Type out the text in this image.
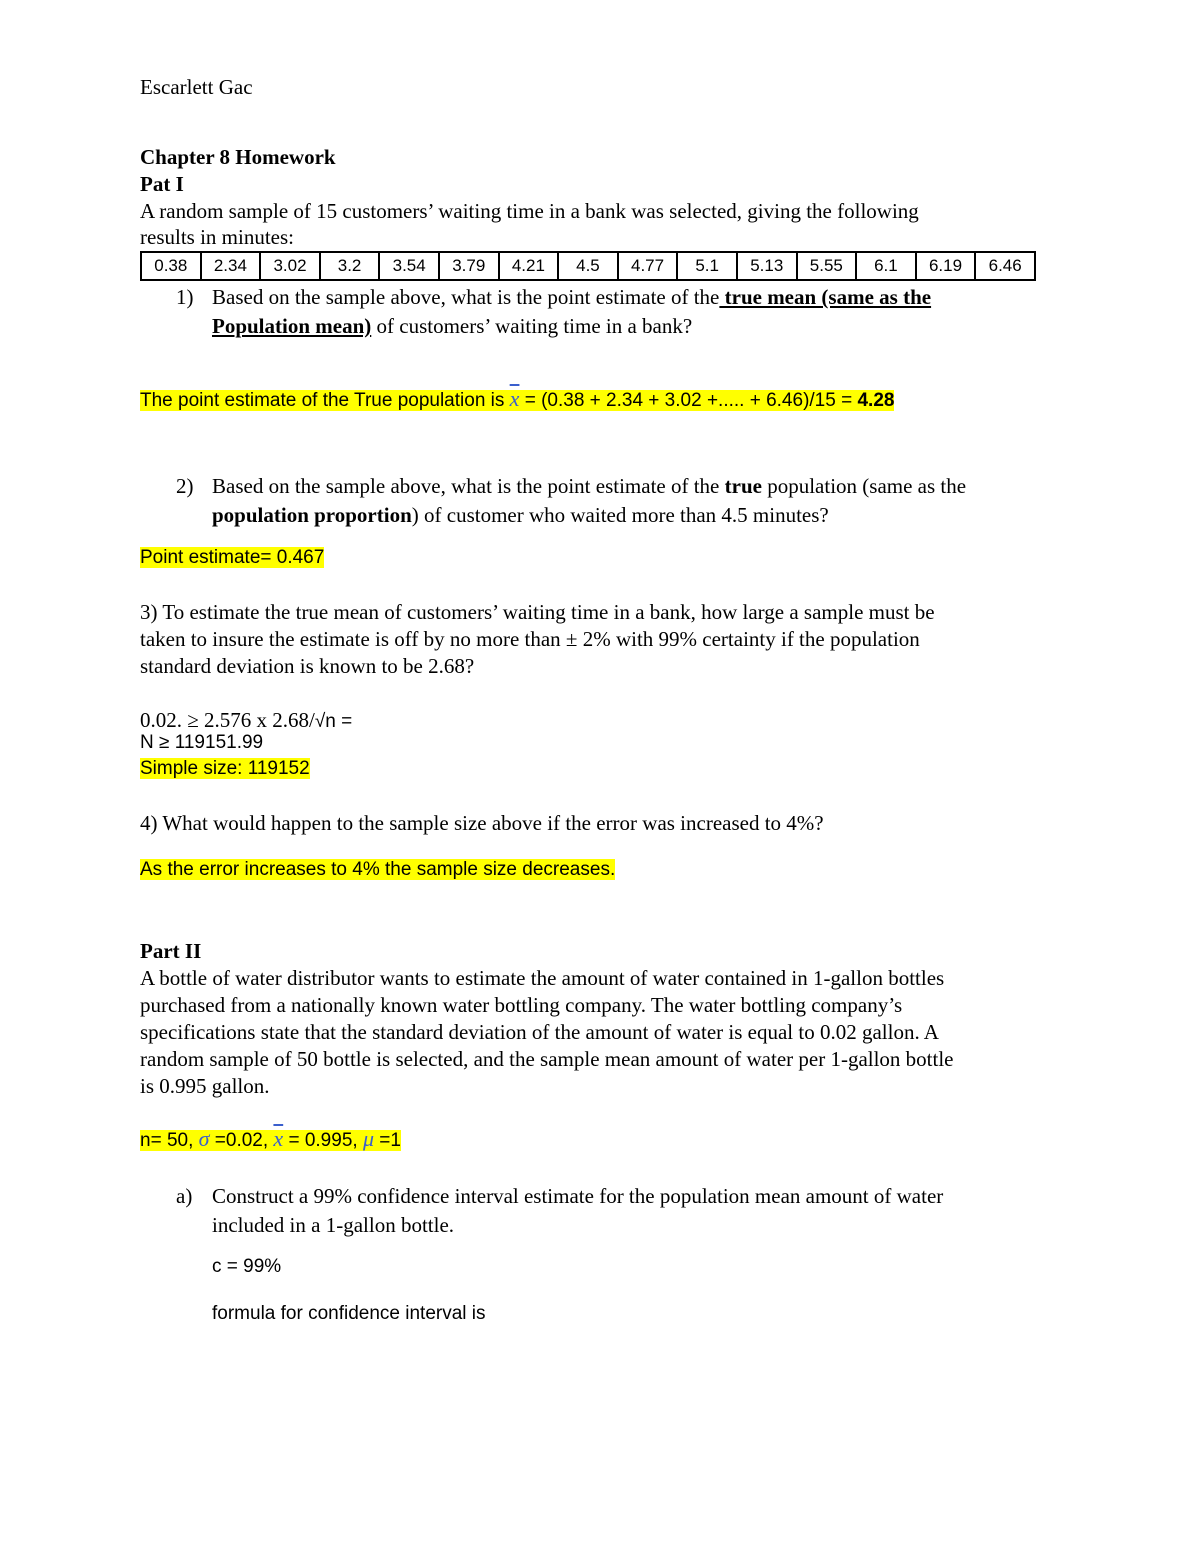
Escarlett Gac
Chapter 8 Homework
Pat I
A random sample of 15 customers’ waiting time in a bank was selected, giving the following
results in minutes:
0.38	2.34	3.02	3.2	3.54	3.79	4.21	4.5	4.77	5.1	5.13	5.55	6.1	6.19	6.46
1) Based on the sample above, what is the point estimate of the true mean (same as the
Population mean) of customers’ waiting time in a bank?
The point estimate of the True population is $\overline{x} = (0.38 + 2.34 + 3.02$ +..... + 6.46)/15 = 4.28
2) Based on the sample above, what is the point estimate of the true population (same as the
population proportion) of customer who waited more than 4.5 minutes?
Point estimate= 0.467
3) To estimate the true mean of customers’ waiting time in a bank, how large a sample must be
taken to insure the estimate is off by no more than ± 2% with 99% certainty if the population
standard deviation is known to be 2.68?
0.02. ≥ 2.576 x 2.68/√n =
N ≥ 119151.99
Simple size: 119152
4) What would happen to the sample size above if the error was increased to 4%?
As the error increases to 4% the sample size decreases.
Part II
A bottle of water distributor wants to estimate the amount of water contained in 1-gallon bottles
purchased from a nationally known water bottling company. The water bottling company’s
specifications state that the standard deviation of the amount of water is equal to 0.02 gallon. A
random sample of 50 bottle is selected, and the sample mean amount of water per 1-gallon bottle
is 0.995 gallon.
n= 50, σ =0.02, $\overline{x} = 0.995$, μ =1
a) Construct a 99% confidence interval estimate for the population mean amount of water
included in a 1-gallon bottle.
c = 99%
formula for confidence interval is
